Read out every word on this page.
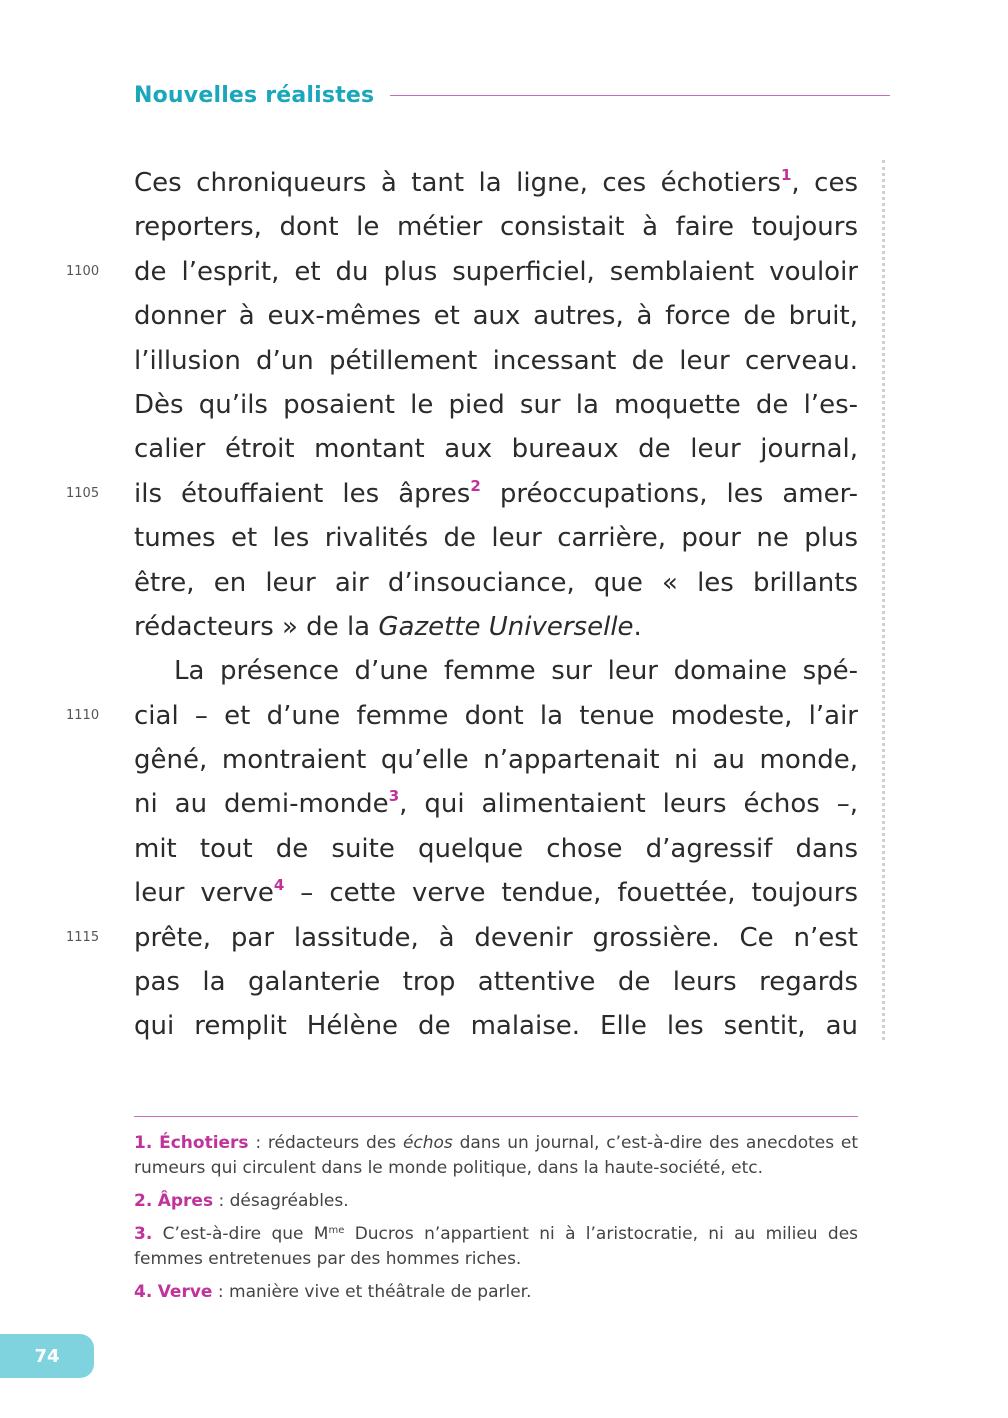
Nouvelles réalistes
1100
1105
1110
1115
Ces chroniqueurs à tant la ligne, ces échotiers$^1$, ces
reporters, dont le métier consistait à faire toujours
de l’esprit, et du plus superficiel, semblaient vouloir
donner à eux-mêmes et aux autres, à force de bruit,
l’illusion d’un pétillement incessant de leur cerveau.
Dès qu’ils posaient le pied sur la moquette de l’es-
calier étroit montant aux bureaux de leur journal,
ils étouffaient les âpres$^2$ préoccupations, les amer-
tumes et les rivalités de leur carrière, pour ne plus
être, en leur air d’insouciance, que « les brillants
rédacteurs » de la Gazette Universelle.
La présence d’une femme sur leur domaine spé-
cial – et d’une femme dont la tenue modeste, l’air
gêné, montraient qu’elle n’appartenait ni au monde,
ni au demi-monde$^3$, qui alimentaient leurs échos –,
mit tout de suite quelque chose d’agressif dans
leur verve$^4$ – cette verve tendue, fouettée, toujours
prête, par lassitude, à devenir grossière. Ce n’est
pas la galanterie trop attentive de leurs regards
qui remplit Hélène de malaise. Elle les sentit, au
1. Échotiers : rédacteurs des échos dans un journal, c’est-à-dire des anecdotes et rumeurs qui circulent dans le monde politique, dans la haute-société, etc.
2. Âpres : désagréables.
3. C’est-à-dire que M$^{me}$ Ducros n’appartient ni à l’aristocratie, ni au milieu des femmes entretenues par des hommes riches.
4. Verve : manière vive et théâtrale de parler.
74
